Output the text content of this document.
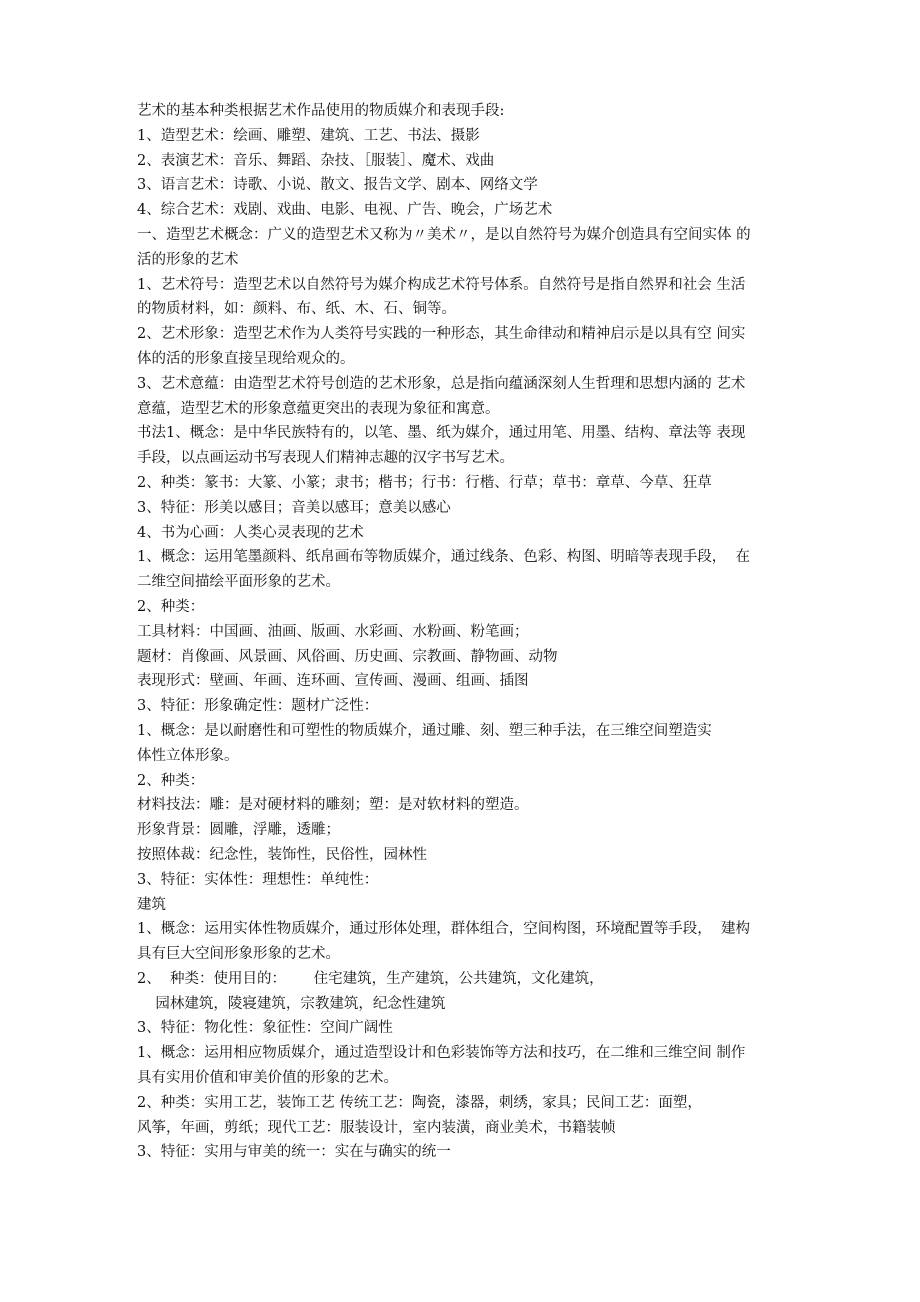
艺术的基本种类根据艺术作品使用的物质媒介和表现手段:
1、造型艺术：绘画、雕塑、建筑、工艺、书法、摄影
2、表演艺术：音乐、舞蹈、杂技、［服装］、魔术、戏曲
3、语言艺术：诗歌、小说、散文、报告文学、剧本、网络文学
4、综合艺术：戏剧、戏曲、电影、电视、广告、晚会，广场艺术
一、造型艺术概念：广义的造型艺术又称为〃美术〃，是以自然符号为媒介创造具有空间实体 的
活的形象的艺术
1、艺术符号：造型艺术以自然符号为媒介构成艺术符号体系。自然符号是指自然界和社会 生活
的物质材料，如：颜料、布、纸、木、石、铜等。
2、艺术形象：造型艺术作为人类符号实践的一种形态，其生命律动和精神启示是以具有空 间实
体的活的形象直接呈现给观众的。
3、艺术意蕴：由造型艺术符号创造的艺术形象，总是指向蕴涵深刻人生哲理和思想内涵的 艺术
意蕴，造型艺术的形象意蕴更突出的表现为象征和寓意。
书法1、概念：是中华民族特有的，以笔、墨、纸为媒介，通过用笔、用墨、结构、章法等 表现
手段，以点画运动书写表现人们精神志趣的汉字书写艺术。
2、种类：篆书：大篆、小篆；隶书；楷书；行书：行楷、行草；草书：章草、今草、狂草
3、特征：形美以感目；音美以感耳；意美以感心
4、书为心画：人类心灵表现的艺术
1、概念：运用笔墨颜料、纸帛画布等物质媒介，通过线条、色彩、构图、明暗等表现手段，  在
二维空间描绘平面形象的艺术。
2、种类：
工具材料：中国画、油画、版画、水彩画、水粉画、粉笔画；
题材：肖像画、风景画、风俗画、历史画、宗教画、静物画、动物
表现形式：壁画、年画、连环画、宣传画、漫画、组画、插图
3、特征：形象确定性：题材广泛性：
1、概念：是以耐磨性和可塑性的物质媒介，通过雕、刻、塑三种手法，在三维空间塑造实
体性立体形象。
2、种类：
材料技法：雕：是对硬材料的雕刻；塑：是对软材料的塑造。
形象背景：圆雕，浮雕，透雕；
按照体裁：纪念性，装饰性，民俗性，园林性
3、特征：实体性：理想性：单纯性：
建筑
1、概念：运用实体性物质媒介，通过形体处理，群体组合，空间构图，环境配置等手段，  建构
具有巨大空间形象形象的艺术。
2、  种类：使用目的：      住宅建筑，生产建筑，公共建筑，文化建筑，
园林建筑，陵寝建筑，宗教建筑，纪念性建筑
3、特征：物化性：象征性：空间广阔性
1、概念：运用相应物质媒介，通过造型设计和色彩装饰等方法和技巧，在二维和三维空间 制作
具有实用价值和审美价值的形象的艺术。
2、种类：实用工艺，装饰工艺 传统工艺：陶瓷，漆器，刺绣，家具；民间工艺：面塑，
风筝，年画，剪纸；现代工艺：服装设计，室内装潢，商业美术，书籍装帧
3、特征：实用与审美的统一：实在与确实的统一
